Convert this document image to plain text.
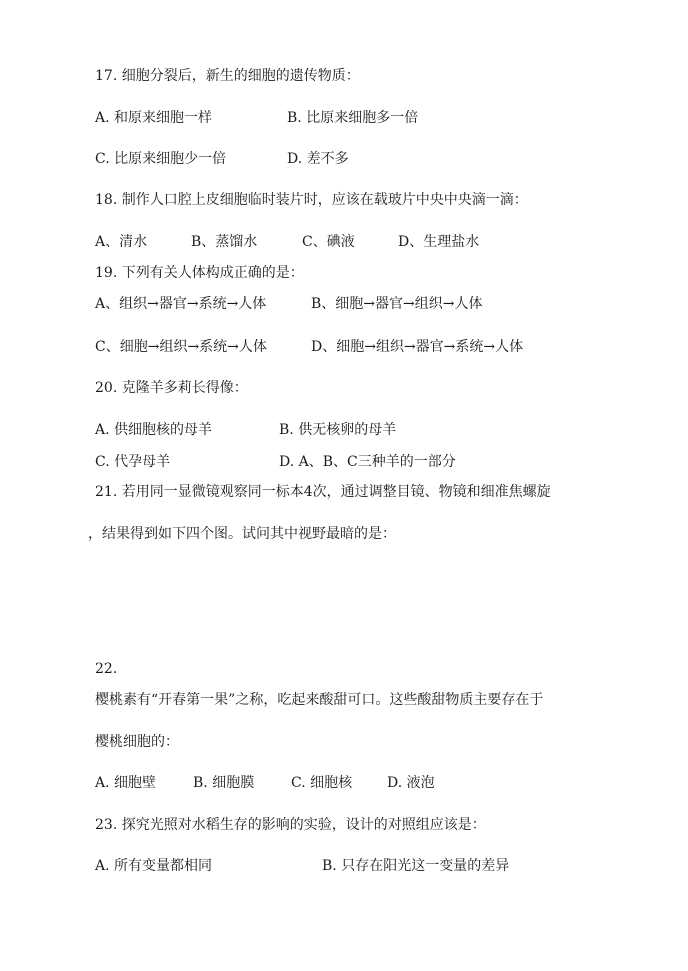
17. 细胞分裂后，新生的细胞的遗传物质：
A. 和原来细胞一样	B. 比原来细胞多一倍
C. 比原来细胞少一倍	D. 差不多
18. 制作人口腔上皮细胞临时装片时，应该在载玻片中央中央滴一滴：
A、清水	B、蒸馏水	C、碘液	D、生理盐水
19. 下列有关人体构成正确的是：
A、组织→器官→系统→人体	B、细胞→器官→组织→人体
C、细胞→组织→系统→人体	D、细胞→组织→器官→系统→人体
20. 克隆羊多莉长得像：
A. 供细胞核的母羊	B. 供无核卵的母羊
C. 代孕母羊	D. A、B、C三种羊的一部分
21. 若用同一显微镜观察同一标本4次，通过调整目镜、物镜和细准焦螺旋
，结果得到如下四个图。试问其中视野最暗的是：
22.
樱桃素有“开春第一果”之称，吃起来酸甜可口。这些酸甜物质主要存在于
樱桃细胞的：
A. 细胞壁	B. 细胞膜	C. 细胞核 D. 液泡
23. 探究光照对水稻生存的影响的实验，设计的对照组应该是：
A. 所有变量都相同	B. 只存在阳光这一变量的差异
